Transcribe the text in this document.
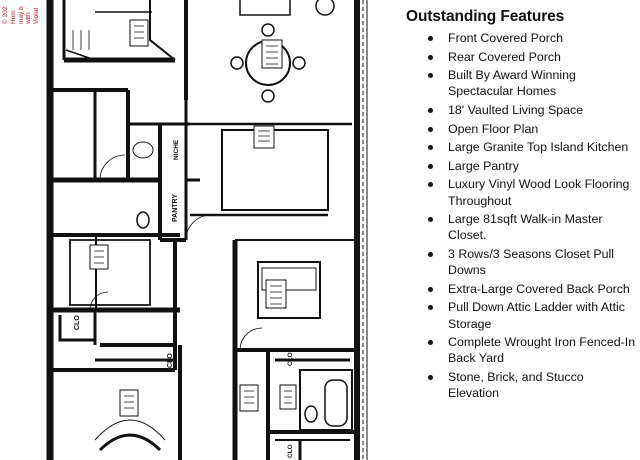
© 202 Hom may b with Violat
NICHE
PANTRY
CLO
CLO	CLO
CLO
Outstanding Features
Front Covered Porch
Rear Covered Porch
Built By Award Winning Spectacular Homes
18' Vaulted Living Space
Open Floor Plan
Large Granite Top Island Kitchen
Large Pantry
Luxury Vinyl Wood Look Flooring Throughout
Large 81sqft Walk-in Master Closet.
3 Rows/3 Seasons Closet Pull Downs
Extra-Large Covered Back Porch
Pull Down Attic Ladder with Attic Storage
Complete Wrought Iron Fenced-In Back Yard
Stone, Brick, and Stucco Elevation
